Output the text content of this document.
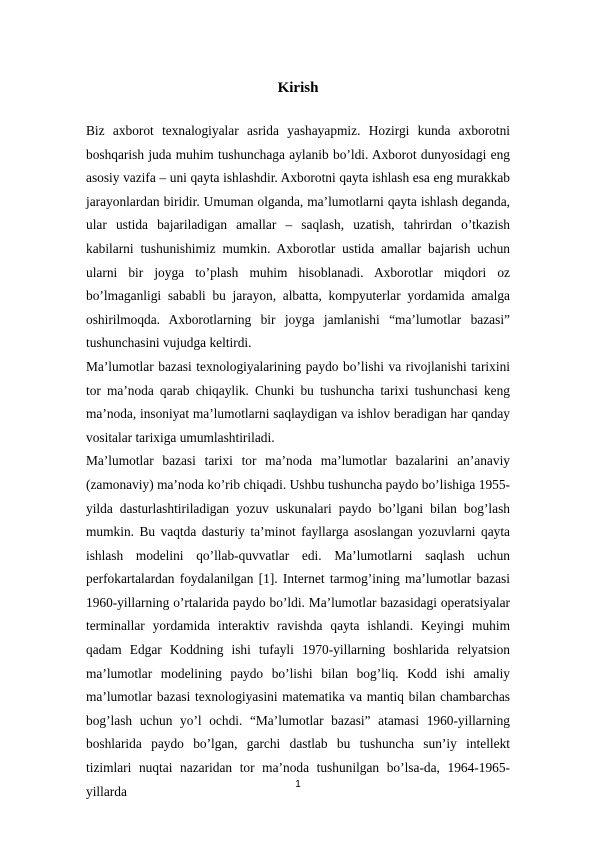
Kirish

Biz axborot texnalogiyalar asrida yashayapmiz. Hozirgi kunda axborotni boshqarish juda muhim tushunchaga aylanib bo’ldi. Axborot dunyosidagi eng asosiy vazifa – uni qayta ishlashdir. Axborotni qayta ishlash esa eng murakkab jarayonlardan biridir. Umuman olganda, ma’lumotlarni qayta ishlash deganda, ular ustida bajariladigan amallar – saqlash, uzatish, tahrirdan o’tkazish kabilarni tushunishimiz mumkin. Axborotlar ustida amallar bajarish uchun ularni bir joyga to’plash muhim hisoblanadi. Axborotlar miqdori oz bo’lmaganligi sababli bu jarayon, albatta, kompyuterlar yordamida amalga oshirilmoqda. Axborotlarning bir joyga jamlanishi “ma’lumotlar bazasi” tushunchasini vujudga keltirdi.

Ma’lumotlar bazasi texnologiyalarining paydo bo’lishi va rivojlanishi tarixini tor ma’noda qarab chiqaylik. Chunki bu tushuncha tarixi tushunchasi keng ma’noda, insoniyat ma’lumotlarni saqlaydigan va ishlov beradigan har qanday vositalar tarixiga umumlashtiriladi.

Ma’lumotlar bazasi tarixi tor ma’noda ma’lumotlar bazalarini an’anaviy (zamonaviy) ma’noda ko’rib chiqadi. Ushbu tushuncha paydo bo’lishiga 1955-yilda dasturlashtiriladigan yozuv uskunalari paydo bo’lgani bilan bog’lash mumkin. Bu vaqtda dasturiy ta’minot fayllarga asoslangan yozuvlarni qayta ishlash modelini qo’llab-quvvatlar edi. Ma’lumotlarni saqlash uchun perfokartalardan foydalanilgan [1]. Internet tarmog’ining ma’lumotlar bazasi 1960-yillarning o’rtalarida paydo bo’ldi. Ma’lumotlar bazasidagi operatsiyalar terminallar yordamida interaktiv ravishda qayta ishlandi. Keyingi muhim qadam Edgar Koddning ishi tufayli 1970-yillarning boshlarida relyatsion ma’lumotlar modelining paydo bo’lishi bilan bog’liq. Kodd ishi amaliy ma’lumotlar bazasi texnologiyasini matematika va mantiq bilan chambarchas bog’lash uchun yo’l ochdi. “Ma’lumotlar bazasi” atamasi 1960-yillarning boshlarida paydo bo’lgan, garchi dastlab bu tushuncha sun’iy intellekt tizimlari nuqtai nazaridan tor ma’noda tushunilgan bo’lsa-da, 1964-1965-yillarda	1
